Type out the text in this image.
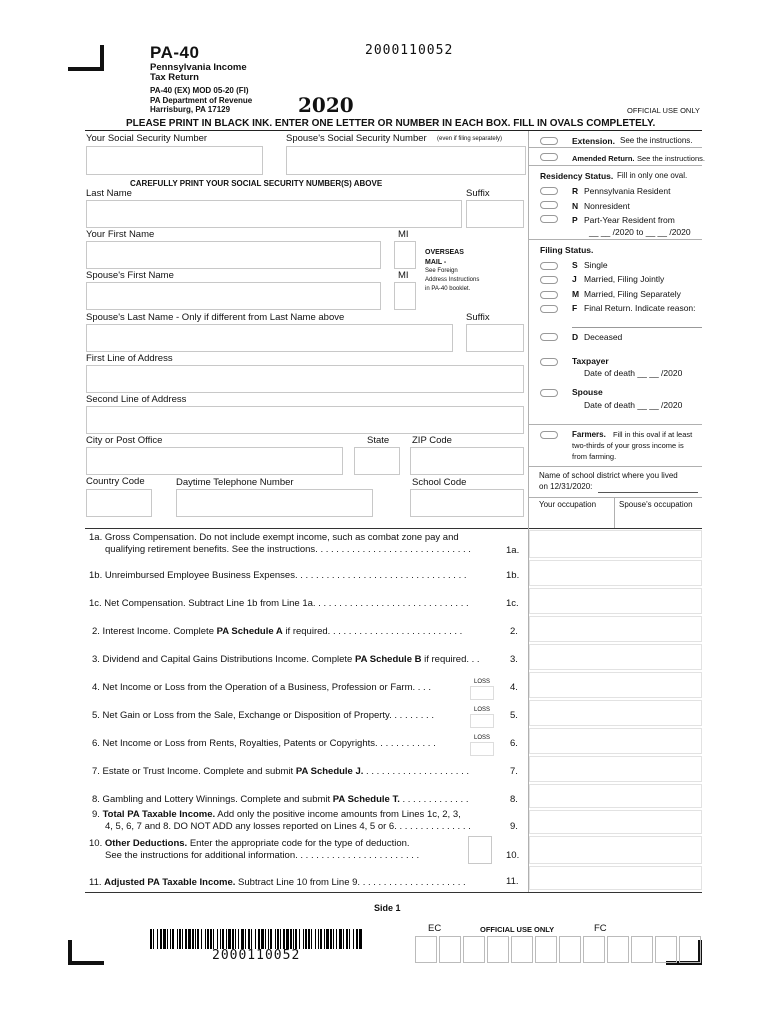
PA-40
Pennsylvania Income
Tax Return
2000110052
PA-40 (EX) MOD 05-20 (FI)
PA Department of Revenue
Harrisburg, PA 17129	2020	OFFICIAL USE ONLY
PLEASE PRINT IN BLACK INK. ENTER ONE LETTER OR NUMBER IN EACH BOX. FILL IN OVALS COMPLETELY.
Your Social Security Number	Spouse's Social Security Number (even if filing separately)
CAREFULLY PRINT YOUR SOCIAL SECURITY NUMBER(S) ABOVE
Last Name	Suffix
Your First Name	MI
OVERSEAS
MAIL -
See Foreign
Address Instructions
in PA-40 booklet.
Spouse's First Name	MI
Spouse's Last Name - Only if different from Last Name above	Suffix
First Line of Address
Second Line of Address
City or Post Office	State ZIP Code
Country Code	Daytime Telephone Number	School Code
Extension. See the instructions.
Amended Return. See the instructions.
Residency Status. Fill in only one oval.
R Pennsylvania Resident
N Nonresident
P Part-Year Resident from
__ __ /2020 to __ __ /2020
Filing Status.
S Single
J Married, Filing Jointly
M Married, Filing Separately
F Final Return. Indicate reason:
D Deceased
Taxpayer
Date of death __ __ /2020
Spouse
Date of death __ __ /2020
Farmers. Fill in this oval if at least
two-thirds of your gross income is
from farming.
Name of school district where you lived
on 12/31/2020:
Your occupation	Spouse's occupation
1a. Gross Compensation. Do not include exempt income, such as combat zone pay and
qualifying retirement benefits. See the instructions. . . . . . . . . . . . . . . . . . . . . . . . . . . . . .	1a.
1b. Unreimbursed Employee Business Expenses. . . . . . . . . . . . . . . . . . . . . . . . . . . . . . . . .	1b.
1c. Net Compensation. Subtract Line 1b from Line 1a. . . . . . . . . . . . . . . . . . . . . . . . . . . . . .	1c.
2. Interest Income. Complete PA Schedule A if required. . . . . . . . . . . . . . . . . . . . . . . . . .	2.
3. Dividend and Capital Gains Distributions Income. Complete PA Schedule B if required. . .	3.
4. Net Income or Loss from the Operation of a Business, Profession or Farm. . . .	LOSS 4.
5. Net Gain or Loss from the Sale, Exchange or Disposition of Property. . . . . . . . .	LOSS 5.
6. Net Income or Loss from Rents, Royalties, Patents or Copyrights. . . . . . . . . . . .	LOSS 6.
7. Estate or Trust Income. Complete and submit PA Schedule J. . . . . . . . . . . . . . . . . . . . .	7.
8. Gambling and Lottery Winnings. Complete and submit PA Schedule T. . . . . . . . . . . . . .	8.
9. Total PA Taxable Income. Add only the positive income amounts from Lines 1c, 2, 3,
4, 5, 6, 7 and 8. DO NOT ADD any losses reported on Lines 4, 5 or 6. . . . . . . . . . . . . . .	9.
10. Other Deductions. Enter the appropriate code for the type of deduction.
See the instructions for additional information. . . . . . . . . . . . . . . . . . . . . . . .	10.
11. Adjusted PA Taxable Income. Subtract Line 10 from Line 9. . . . . . . . . . . . . . . . . . . . .	11.
Side 1
EC	OFFICIAL USE ONLY	FC
2000110052
